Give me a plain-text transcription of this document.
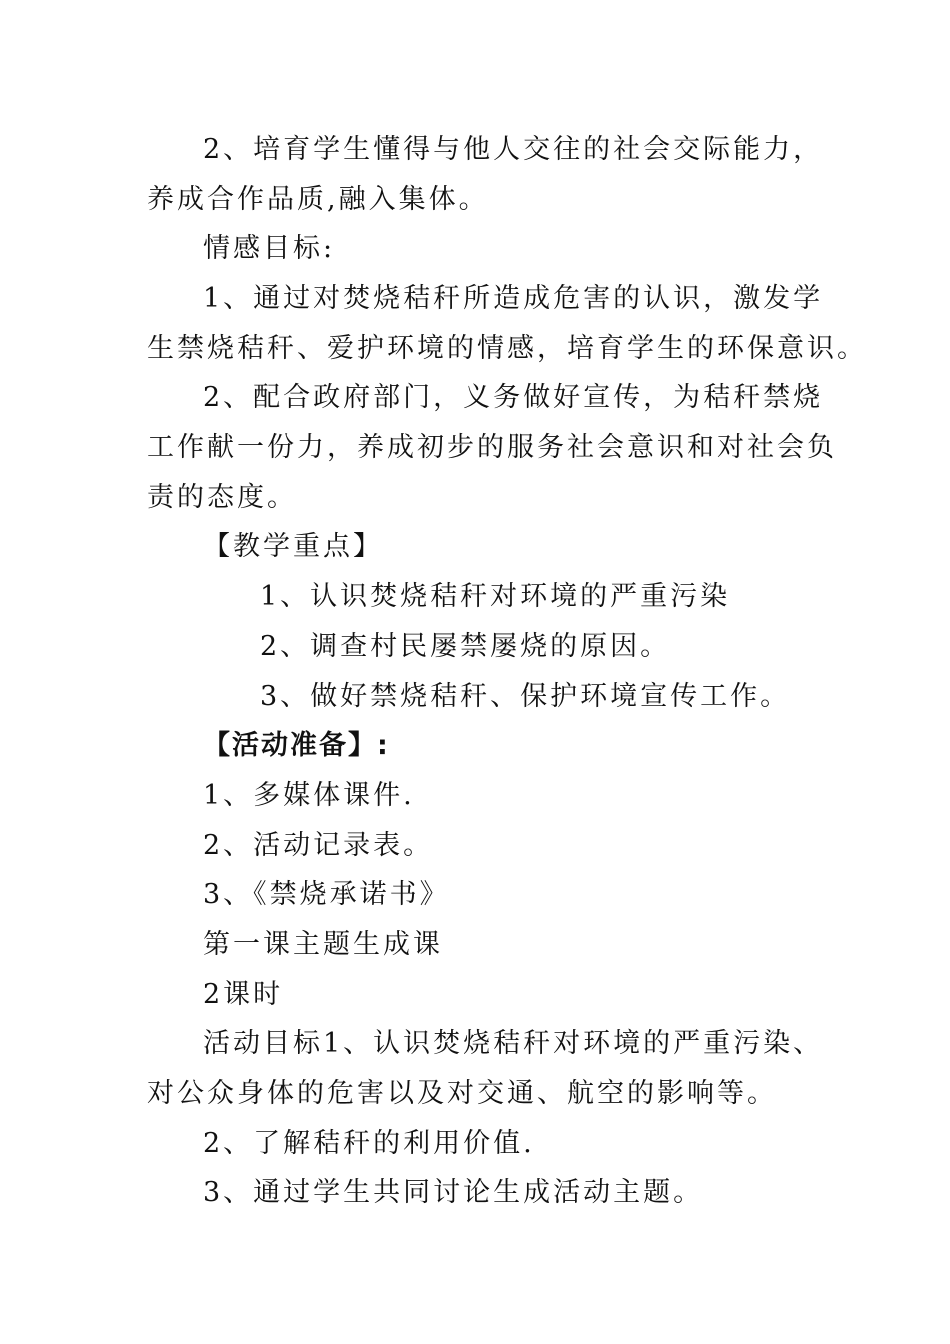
2、培育学生懂得与他人交往的社会交际能力，
养成合作品质,融入集体。
情感目标:
1、通过对焚烧秸秆所造成危害的认识，激发学
生禁烧秸秆、爱护环境的情感，培育学生的环保意识。
2、配合政府部门，义务做好宣传，为秸秆禁烧
工作献一份力，养成初步的服务社会意识和对社会负
责的态度。
【教学重点】
1、认识焚烧秸秆对环境的严重污染
2、调查村民屡禁屡烧的原因。
3、做好禁烧秸秆、保护环境宣传工作。
【活动准备】:
1、多媒体课件.
2、活动记录表。
3、《禁烧承诺书》
第一课主题生成课
2课时
活动目标1、认识焚烧秸秆对环境的严重污染、
对公众身体的危害以及对交通、航空的影响等。
2、了解秸秆的利用价值.
3、通过学生共同讨论生成活动主题。
